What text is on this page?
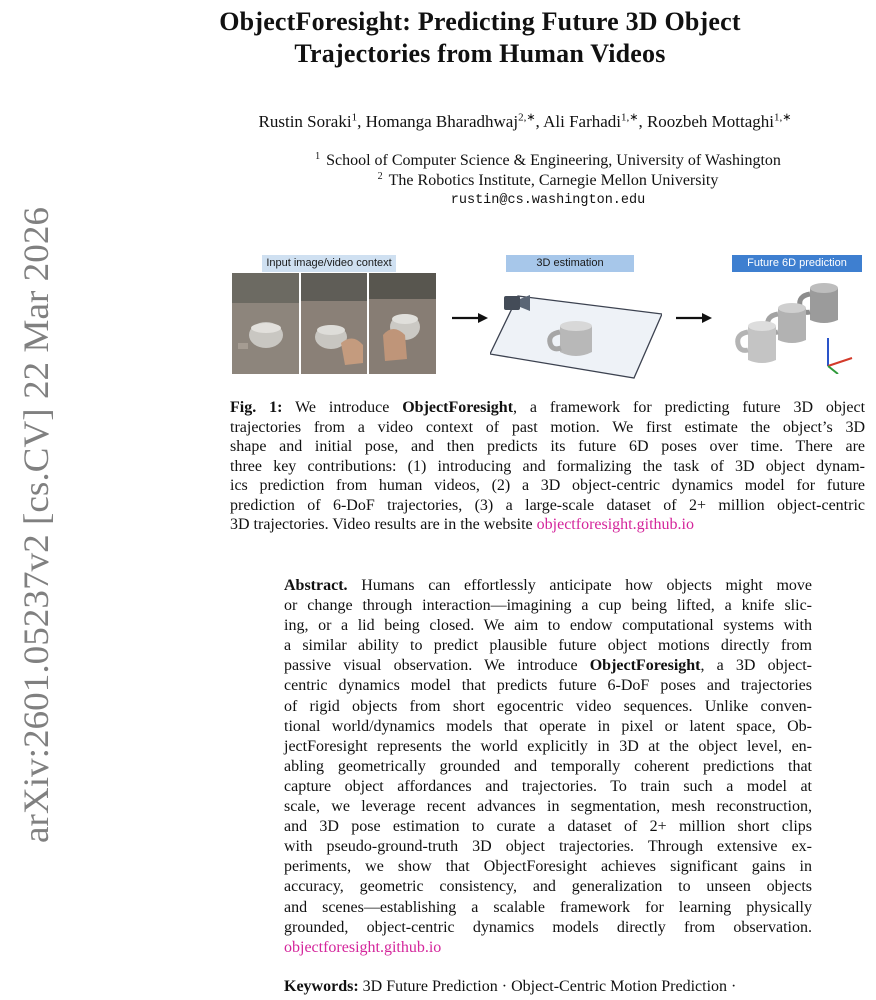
arXiv:2601.05237v2 [cs.CV] 22 Mar 2026
ObjectForesight: Predicting Future 3D Object
Trajectories from Human Videos
Rustin Soraki$^1$, Homanga Bharadhwaj$^{2,∗}$, Ali Farhadi$^{1,∗}$, Roozbeh Mottaghi$^{1,∗}$
$^1$ School of Computer Science & Engineering, University of Washington
$^2$ The Robotics Institute, Carnegie Mellon University
rustin@cs.washington.edu
Input image/video context	3D estimation	Future 6D prediction
Fig. 1: We introduce ObjectForesight, a framework for predicting future 3D object
trajectories from a video context of past motion. We first estimate the object’s 3D
shape and initial pose, and then predicts its future 6D poses over time. There are
three key contributions: (1) introducing and formalizing the task of 3D object dynam-
ics prediction from human videos, (2) a 3D object-centric dynamics model for future
prediction of 6-DoF trajectories, (3) a large-scale dataset of 2+ million object-centric
3D trajectories. Video results are in the website objectforesight.github.io
Abstract. Humans can effortlessly anticipate how objects might move
or change through interaction—imagining a cup being lifted, a knife slic-
ing, or a lid being closed. We aim to endow computational systems with
a similar ability to predict plausible future object motions directly from
passive visual observation. We introduce ObjectForesight, a 3D object-
centric dynamics model that predicts future 6-DoF poses and trajectories
of rigid objects from short egocentric video sequences. Unlike conven-
tional world/dynamics models that operate in pixel or latent space, Ob-
jectForesight represents the world explicitly in 3D at the object level, en-
abling geometrically grounded and temporally coherent predictions that
capture object affordances and trajectories. To train such a model at
scale, we leverage recent advances in segmentation, mesh reconstruction,
and 3D pose estimation to curate a dataset of 2+ million short clips
with pseudo-ground-truth 3D object trajectories. Through extensive ex-
periments, we show that ObjectForesight achieves significant gains in
accuracy, geometric consistency, and generalization to unseen objects
and scenes—establishing a scalable framework for learning physically
grounded, object-centric dynamics models directly from observation.
objectforesight.github.io
Keywords: 3D Future Prediction · Object-Centric Motion Prediction ·
